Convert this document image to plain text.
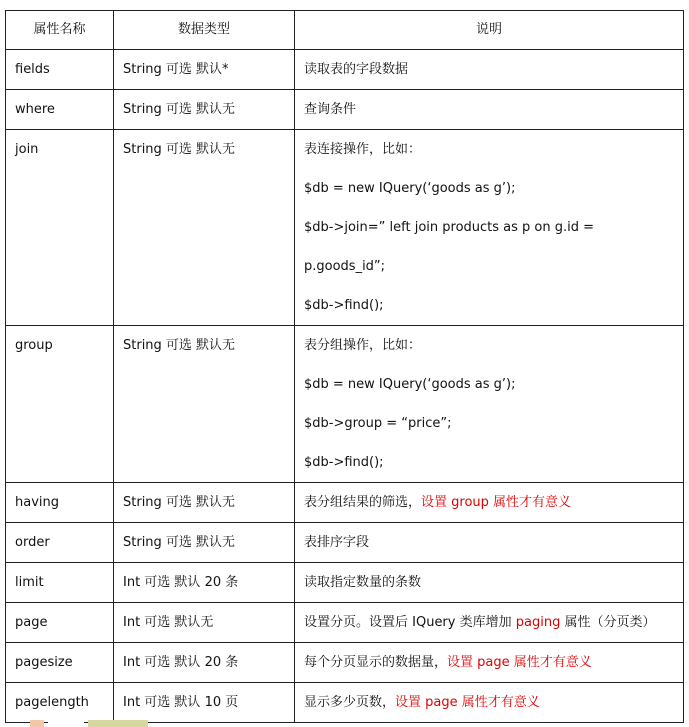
属性名称	数据类型	说明
fields	String 可选 默认*	读取表的字段数据

where	String 可选 默认无	查询条件

join	String 可选 默认无	表连接操作，比如：
$db = new IQuery(‘goods as g’);
$db->join=” left join products as p on g.id =
p.goods_id”;
$db->find();

group	String 可选 默认无	表分组操作，比如：
$db = new IQuery(‘goods as g’);
$db->group = “price”;
$db->find();

having	String 可选 默认无	表分组结果的筛选，设置 group 属性才有意义
order	String 可选 默认无	表排序字段

limit	Int 可选 默认 20 条	读取指定数量的条数

page	Int 可选 默认无	设置分页。设置后 IQuery 类库增加 paging 属性（分页类）
pagesize	Int 可选 默认 20 条	每个分页显示的数据量，设置 page 属性才有意义
pagelength	Int 可选 默认 10 页	显示多少页数，设置 page 属性才有意义
